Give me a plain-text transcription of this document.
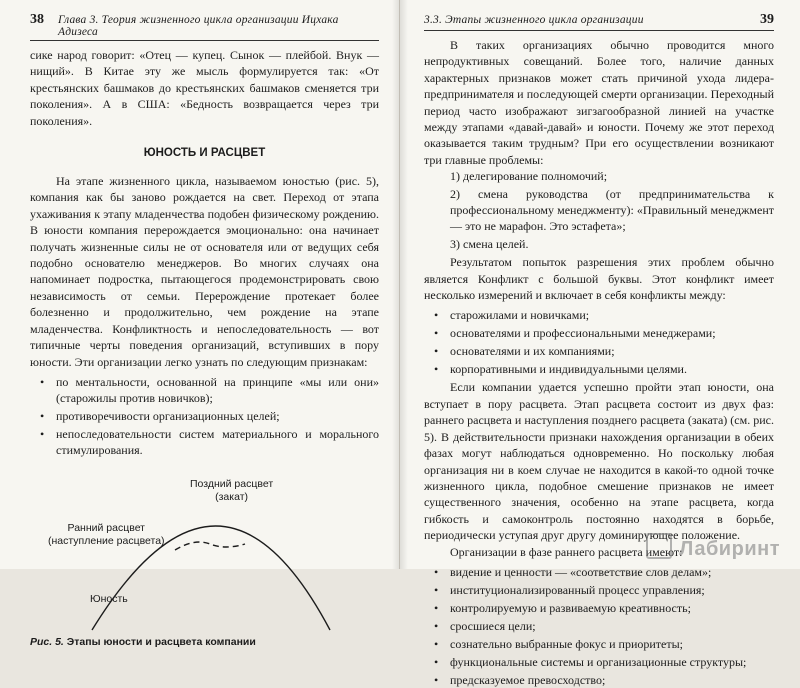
38 Глава 3. Теория жизненного цикла организации Ицхака Адизеса

сике народ говорит: «Отец — купец. Сынок — плейбой. Внук — нищий». В Китае эту же мысль формулируется так: «От крестьянских башмаков до крестьянских башмаков сменяется три поколения». А в США: «Бедность возвращается через три поколения».

ЮНОСТЬ И РАСЦВЕТ

На этапе жизненного цикла, называемом юностью (рис. 5), компания как бы заново рождается на свет. Переход от этапа ухаживания к этапу младенчества подобен физическому рождению. В юности компания перерождается эмоционально: она начинает получать жизненные силы не от основателя или от ведущих себя подобно основателю менеджеров. Во многих случаях она напоминает подростка, пытающегося продемонстрировать свою независимость от семьи. Перерождение протекает более болезненно и продолжительно, чем рождение на этапе младенчества. Конфликтность и непоследовательность — вот типичные черты поведения организаций, вступивших в пору юности. Эти организации легко узнать по следующим признакам:

• по ментальности, основанной на принципе «мы или они» (старожилы против новичков);
• противоречивости организационных целей;
• непоследовательности систем материального и морального стимулирования.
Поздний расцвет
(закат)
Ранний расцвет
(наступление расцвета)
Юность
Рис. 5. Этапы юности и расцвета компании
3.3. Этапы жизненного цикла организации	39

В таких организациях обычно проводится много непродуктивных совещаний. Более того, наличие данных характерных признаков может стать причиной ухода лидера-предпринимателя и последующей смерти организации. Переходный период часто изображают зигзагообразной линией на участке между этапами «давай-давай» и юности. Почему же этот переход оказывается таким трудным? При его осуществлении возникают три главные проблемы:

1) делегирование полномочий;
2) смена руководства (от предпринимательства к профессиональному менеджменту): «Правильный менеджмент — это не марафон. Это эстафета»;
3) смена целей.

Результатом попыток разрешения этих проблем обычно является Конфликт с большой буквы. Этот конфликт имеет несколько измерений и включает в себя конфликты между:

• старожилами и новичками;
• основателями и профессиональными менеджерами;
• основателями и их компаниями;
• корпоративными и индивидуальными целями.

Если компании удается успешно пройти этап юности, она вступает в пору расцвета. Этап расцвета состоит из двух фаз: раннего расцвета и наступления позднего расцвета (заката) (см. рис. 5). В действительности признаки нахождения организации в обеих фазах могут наблюдаться одновременно. Но поскольку любая организация ни в коем случае не находится в какой-то одной точке жизненного цикла, подобное смешение признаков не имеет существенного значения, особенно на этапе расцвета, когда гибкость и самоконтроль постоянно находятся в борьбе, периодически уступая друг другу доминирующее положение.

Организации в фазе раннего расцвета имеют:

• видение и ценности — «соответствие слов делам»;
• институционализированный процесс управления;
• контролируемую и развиваемую креативность;
• сросшиеся цели;
• сознательно выбранные фокус и приоритеты;
• функциональные системы и организационные структуры;
• предсказуемое превосходство;
Лабиринт
